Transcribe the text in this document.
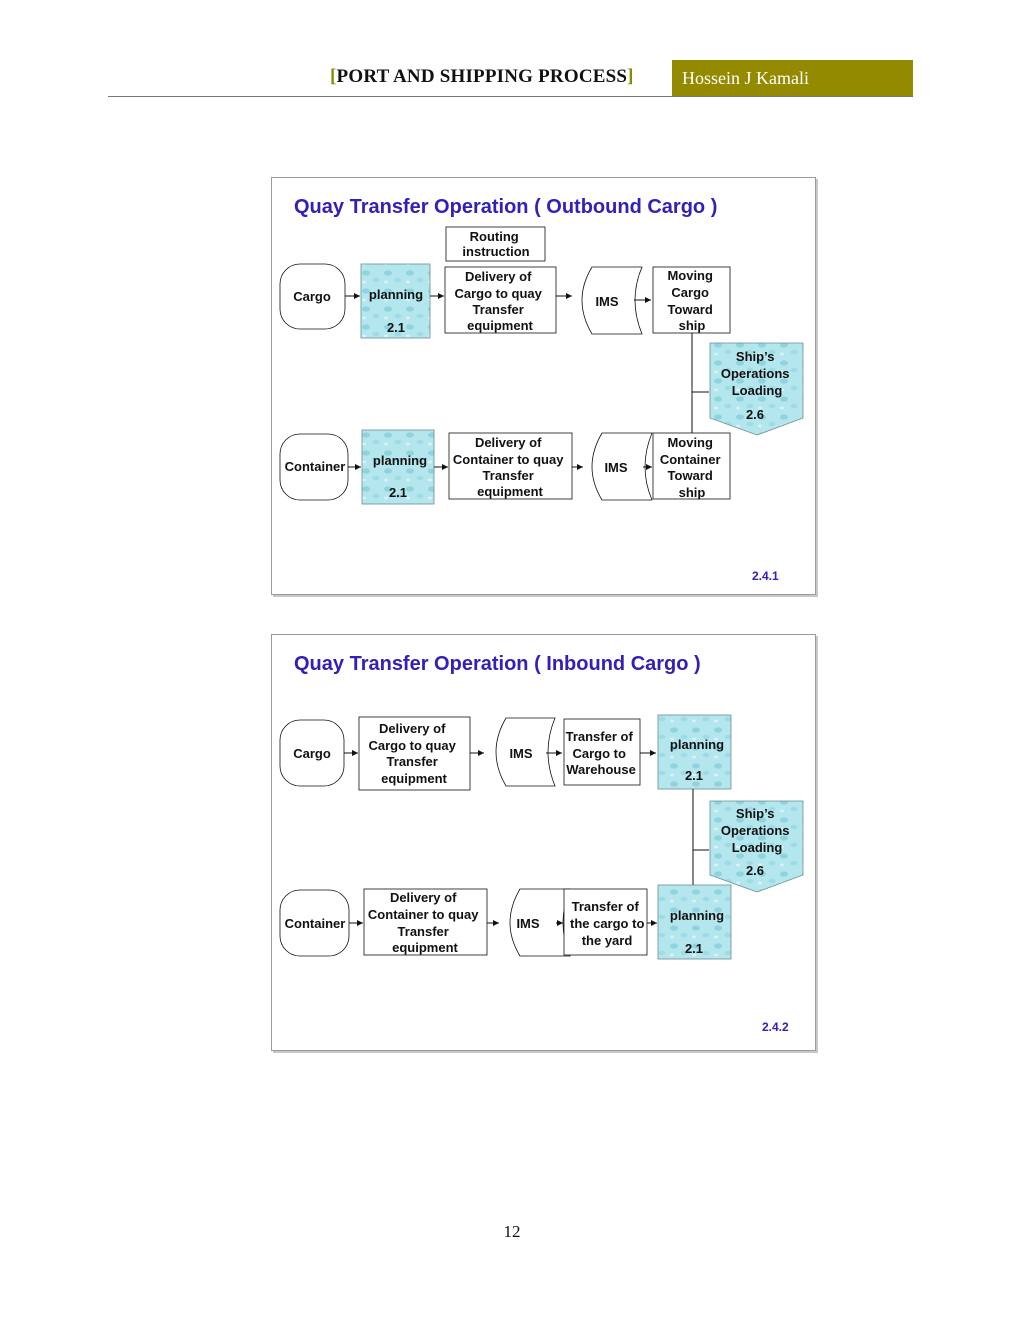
[PORT AND SHIPPING PROCESS]	Hossein J Kamali
Quay Transfer Operation ( Outbound Cargo )
Routing instruction
Cargo	planning
2.1
Delivery of Cargo to quay Transfer equipment
IMS
Moving Cargo Toward ship
Ship’s Operations Loading
2.6
Container planning
2.1
Delivery of Container to quay Transfer equipment
IMS
Moving Container Toward ship
2.4.1
Quay Transfer Operation ( Inbound Cargo )
Cargo
Delivery of Cargo to quay Transfer equipment
IMS
Transfer of Cargo to Warehouse
planning
2.1
Ship’s Operations Loading
2.6
Container
Delivery of Container to quay Transfer equipment
IMS
Transfer of the cargo to the yard
planning
2.1
2.4.2
12
